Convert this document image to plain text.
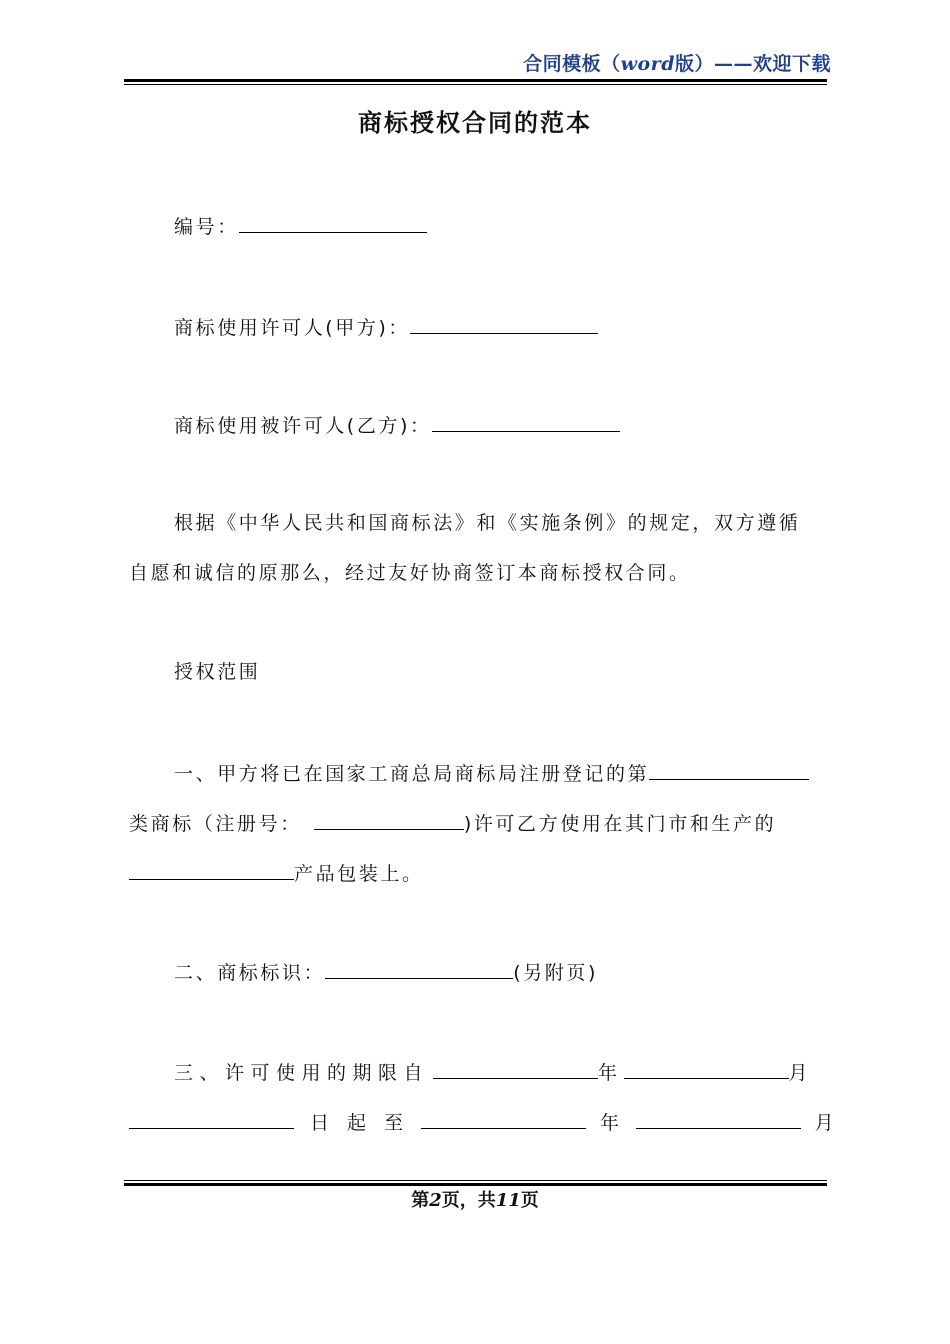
合同模板（word版）——欢迎下载
商标授权合同的范本
编号：
商标使用许可人(甲方)：
商标使用被许可人(乙方)：
根据《中华人民共和国商标法》和《实施条例》的规定，双方遵循
自愿和诚信的原那么，经过友好协商签订本商标授权合同。
授权范围
一、甲方将已在国家工商总局商标局注册登记的第
类商标（注册号：	)许可乙方使用在其门市和生产的
产品包装上。
二、商标标识：	(另附页)
三、许可使用的期限自	年	月
日起至	年	月
第2页，共11页
